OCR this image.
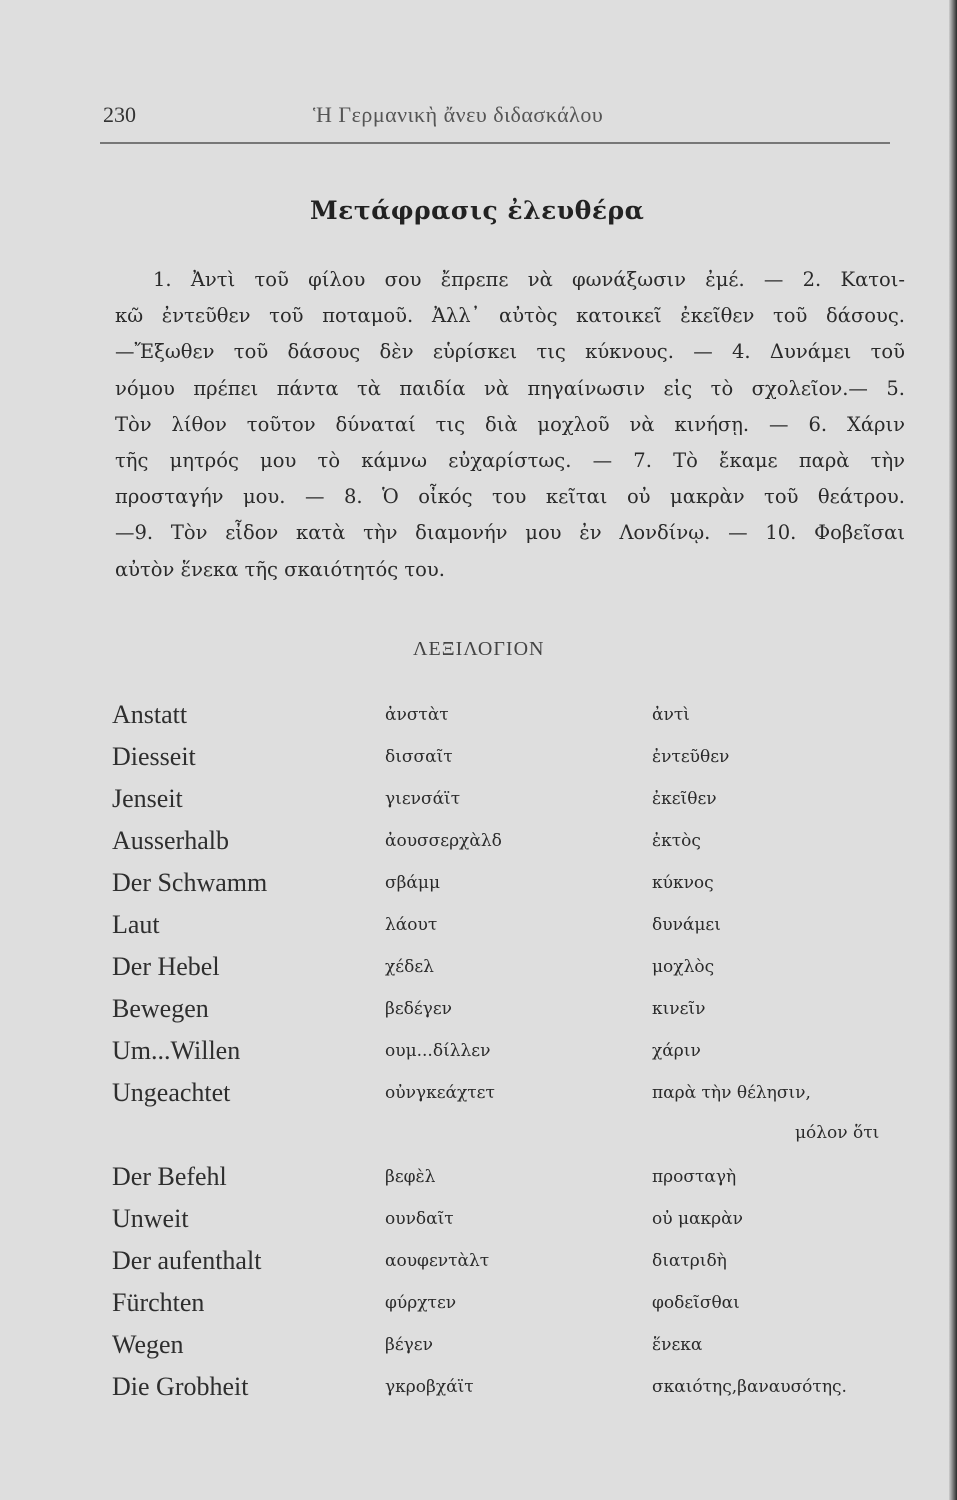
230	Ἡ Γερμανικὴ ἄνευ διδασκάλου
Μετάφρασις ἐλευθέρα
1. Ἀντὶ τοῦ φίλου σου ἔπρεπε νὰ φωνάξωσιν ἐμέ. — 2. Κατοι-
κῶ ἐντεῦθεν τοῦ ποταμοῦ. Ἀλλ᾽ αὐτὸς κατοικεῖ ἐκεῖθεν τοῦ δάσους.
—Ἔξωθεν τοῦ δάσους δὲν εὑρίσκει τις κύκνους. — 4. Δυνάμει τοῦ
νόμου πρέπει πάντα τὰ παιδία νὰ πηγαίνωσιν εἰς τὸ σχολεῖον.— 5.
Τὸν λίθον τοῦτον δύναταί τις διὰ μοχλοῦ νὰ κινήσῃ. — 6. Χάριν
τῆς μητρός μου τὸ κάμνω εὐχαρίστως. — 7. Τὸ ἔκαμε παρὰ τὴν
προσταγήν μου. — 8. Ὁ οἶκός του κεῖται οὐ μακρὰν τοῦ θεάτρου.
—9. Τὸν εἶδον κατὰ τὴν διαμονήν μου ἐν Λονδίνῳ. — 10. Φοβεῖσαι
αὐτὸν ἕνεκα τῆς σκαιότητός του.
ΛΕΞΙΛΟΓΙΟΝ
Anstatt	ἀνστὰτ	ἀντὶ
Diesseit	δισσαῖτ	ἐντεῦθεν
Jenseit	γιενσάϊτ	ἐκεῖθεν
Ausserhalb	ἀουσσερχὰλδ	ἐκτὸς
Der Schwamm	σβάμμ	κύκνος
Laut	λάουτ	δυνάμει
Der Hebel	χέδελ	μοχλὸς
Bewegen	βεδέγεν	κινεῖν
Um...Willen	ουμ...δίλλεν	χάριν
Ungeachtet	οὐνγκεάχτετ	παρὰ τὴν θέλησιν,
μόλον ὅτι
Der Befehl	βεφὲλ	προσταγὴ
Unweit	ουνδαῖτ	οὐ μακρὰν
Der aufenthalt	αουφεντὰλτ	διατριδὴ
Fürchten	φύρχτεν	φοδεῖσθαι
Wegen	βέγεν	ἕνεκα
Die Grobheit	γκροβχάϊτ	σκαιότης,βαναυσότης.
